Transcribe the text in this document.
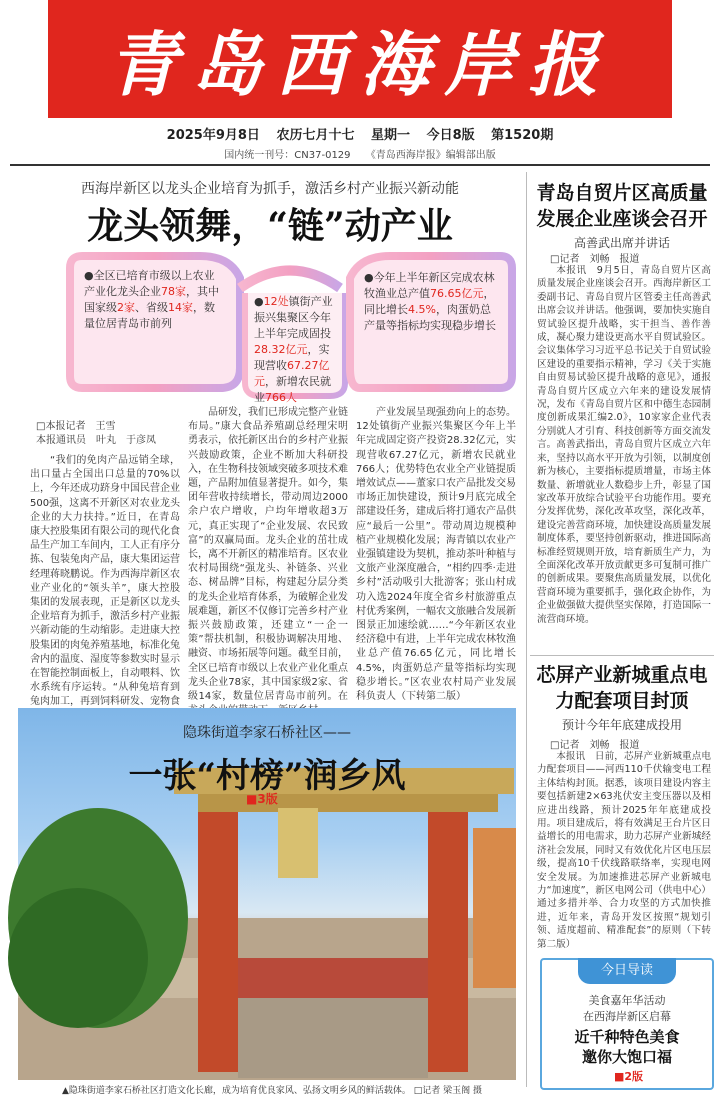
青岛西海岸报
2025年9月8日 农历七月十七 星期一 今日8版 第1520期
国内统一刊号：CN37-0129 《青岛西海岸报》编辑部出版
西海岸新区以龙头企业培育为抓手，激活乡村产业振兴新动能
龙头领舞，“链”动产业
●全区已培育市级以上农业产业化龙头企业78家，其中国家级2家、省级14家，数量位居青岛市前列
●12处镇街产业振兴集聚区今年上半年完成固投28.32亿元，实现营收67.27亿元，新增农民就业766人
●今年上半年新区完成农林牧渔业总产值76.65亿元，同比增长4.5%，肉蛋奶总产量等指标均实现稳步增长
□本报记者　王雪
本报通讯员　叶丸　于彦凤

“我们的免肉产品远销全球，出口量占全国出口总量的70%以上，今年还成功跻身中国民营企业500强，这离不开新区对农业龙头企业的大力扶持。”近日，在青岛康大控股集团有限公司的现代化食品生产加工车间内，工人正有序分拣、包装兔肉产品，康大集团运营经理蒋晓鹏说。作为西海岸新区农业产业化的“领头羊”，康大控股集团的发展表现，正是新区以龙头企业培育为抓手，激活乡村产业振兴新动能的生动缩影。走进康大控股集团的肉兔养殖基地，标准化兔舍内的温度、湿度等参数实时显示在智能控制面板上，自动喂料、饮水系统有序运转。“从种兔培育到兔肉加工，再到饲料研发、宠物食

品研发，我们已形成完整产业链布局。”康大食品养殖副总经理宋明勇表示，依托新区出台的乡村产业振兴鼓励政策，企业不断加大科研投入，在生物科技领域突破多项技术难题，产品附加值显著提升。如今，集团年营收持续增长，带动周边2000余户农户增收，户均年增收超3万元，真正实现了“企业发展、农民致富”的双赢局面。龙头企业的茁壮成长，离不开新区的精准培育。区农业农村局围绕“强龙头、补链条、兴业态、树品牌”目标，构建起分层分类的龙头企业培育体系，为破解企业发展难题，新区不仅修订完善乡村产业振兴鼓励政策，还建立“一企一策”帮扶机制，积极协调解决用地、融资、市场拓展等问题。截至目前，全区已培育市级以上农业产业化重点龙头企业78家，其中国家级2家、省级14家，数量位居青岛市前列。在

产业发展呈现强劲向上的态势。12处镇街产业振兴集聚区今年上半年完成固定资产投资28.32亿元，实现营收67.27亿元，新增农民就业766人；优势特色农业全产业链提质增效试点——董家口农产品批发交易市场正加快建设，预计9月底完成全部建设任务，建成后将打通农产品供应“最后一公里”。带动周边规模种植产业规模化发展；海青镇以农业产业强镇建设为契机，推动茶叶种植与文旅产业深度融合，“相约四季·走进乡村”活动吸引大批游客；张山村成功入选2024年度全省乡村旅游重点村优秀案例，一幅农文旅融合发展新图景正加速绘就……“今年新区农业经济稳中有进，上半年完成农林牧渔业总产值76.65亿元，同比增长4.5%，肉蛋奶总产量等指标均实现稳步增长。”区农业农村局产业发展科负责人（下转第二版）

隐珠街道李家石桥社区——
一张“村榜”润乡风
■3版
▲隐珠街道李家石桥社区打造文化长廊，成为培育优良家风、弘扬文明乡风的鲜活载体。 □记者 梁玉阁 摄
青岛自贸片区高质量发展企业座谈会召开
高善武出席并讲话
□记者　刘畅　报道

本报讯　9月5日，青岛自贸片区高质量发展企业座谈会召开。西海岸新区工委副书记、青岛自贸片区管委主任高善武出席会议并讲话。他强调，要加快实施自贸试验区提升战略，实干担当、善作善成，凝心聚力建设更高水平自贸试验区。会议集体学习习近平总书记关于自贸试验区建设的重要指示精神，学习《关于实施自由贸易试验区提升战略的意见》，通报青岛自贸片区成立六年来的建设发展情况，发布《青岛自贸片区和中德生态园制度创新成果汇编2.0》，10家家企业代表分别就人才引育、科技创新等方面交流发言。高善武指出，青岛自贸片区成立六年来，坚持以高水平开放为引领，以制度创新为核心，主要指标提质增量，市场主体数量、新增就业人数稳步上升，彰显了国家改革开放综合试验平台功能作用。要充分发挥优势，深化改革攻坚，深化改革，建设完善营商环境，加快建设高质量发展制度体系，要坚持创新驱动，推进国际高标准经贸规则开放，培育新质生产力，为全面深化改革开放贡献更多可复制可推广的创新成果。要聚焦高质量发展，以优化营商环境为重要抓手，强化政企协作，为企业做强做大提供坚实保障，打造国际一流营商环境。

芯屏产业新城重点电力配套项目封顶
预计今年年底建成投用
□记者　刘畅　报道

本报讯　日前，芯屏产业新城重点电力配套项目——河西110千伏输变电工程主体结构封顶。据悉，该项目建设内容主要包括新建2×63兆伏安主变压器以及相应进出线路，预计2025年年底建成投用。项目建成后，将有效满足王台片区日益增长的用电需求，助力芯屏产业新城经济社会发展，同时又有效优化片区电压层级，提高10千伏线路联络率，实现电网安全发展。为加速推进芯屏产业新城电力“加速度”，新区电网公司（供电中心）通过多措并举、合力攻坚的方式加快推进，近年来，青岛开发区按照“规划引领、适度超前、精准配套”的原则（下转第二版）

今日导读
美食嘉年华活动
在西海岸新区启幕
近千种特色美食
邀你大饱口福
■2版
